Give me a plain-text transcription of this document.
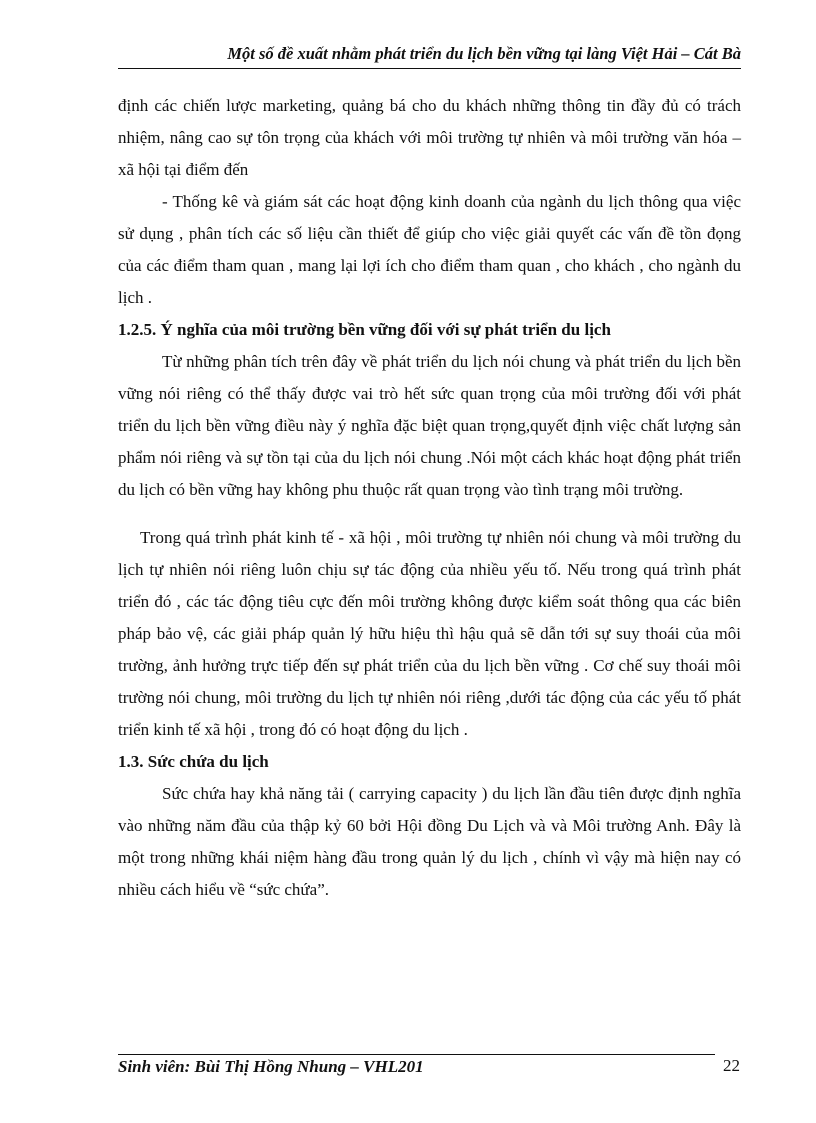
Một số đề xuất nhằm phát triển du lịch bền vững tại làng Việt Hải – Cát Bà

định các chiến lược marketing, quảng bá cho du khách những thông tin đầy đủ có trách nhiệm, nâng cao sự tôn trọng của khách với môi trường tự nhiên và môi trường văn hóa – xã hội tại điểm đến

- Thống kê và giám sát các hoạt động kinh doanh của ngành du lịch thông qua việc sử dụng , phân tích các số liệu cần thiết để giúp cho việc giải quyết các vấn đề tồn đọng của các điểm tham quan , mang lại lợi ích cho điểm tham quan , cho khách , cho ngành du lịch .

1.2.5. Ý nghĩa của môi trường bền vững đối với sự phát triển du lịch

Từ những phân tích trên đây về phát triển du lịch nói chung và phát triển du lịch bền vững nói riêng có thể thấy được vai trò hết sức quan trọng của môi trường đối với phát triển du lịch bền vững điều này ý nghĩa đặc biệt quan trọng,quyết định việc chất lượng sản phẩm nói riêng và sự tồn tại của du lịch nói chung .Nói một cách khác hoạt động phát triển du lịch có bền vững hay không phu thuộc rất quan trọng vào tình trạng môi trường.

Trong quá trình phát kinh tế - xã hội , môi trường tự nhiên nói chung và môi trường du lịch tự nhiên nói riêng luôn chịu sự tác động của nhiều yếu tố. Nếu trong quá trình phát triển đó , các tác động tiêu cực đến môi trường không được kiểm soát thông qua các biên pháp bảo vệ, các giải pháp quản lý hữu hiệu thì hậu quả sẽ dẫn tới sự suy thoái của môi trường, ảnh hưởng trực tiếp đến sự phát triển của du lịch bền vững . Cơ chế suy thoái môi trường nói chung, môi trường du lịch tự nhiên nói riêng ,dưới tác động của các yếu tố phát triển kinh tế xã hội , trong đó có hoạt động du lịch .

1.3. Sức chứa du lịch

Sức chứa hay khả năng tải ( carrying capacity ) du lịch lần đầu tiên được định nghĩa vào những năm đầu của thập kỷ 60 bởi Hội đồng Du Lịch và và Môi trường Anh. Đây là một trong những khái niệm hàng đầu trong quản lý du lịch , chính vì vậy mà hiện nay có nhiều cách hiểu về “sức chứa”.

Sinh viên: Bùi Thị Hồng Nhung – VHL201	22
